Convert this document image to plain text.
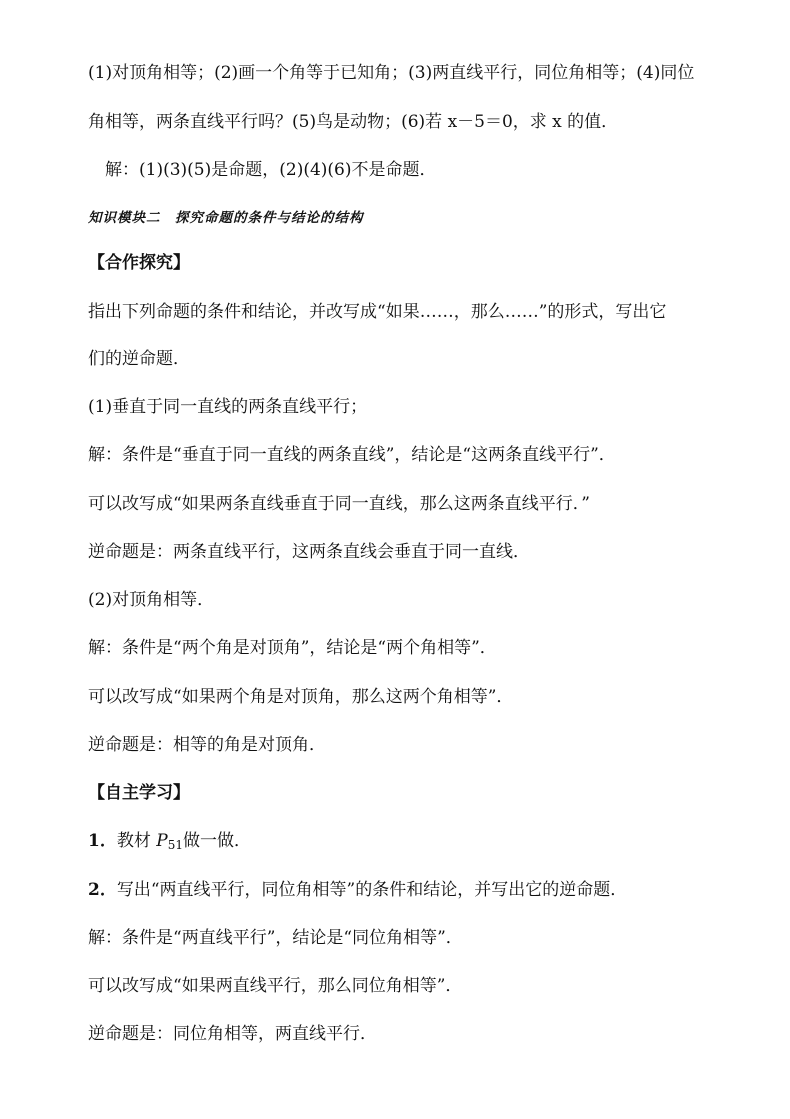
(1)对顶角相等；(2)画一个角等于已知角；(3)两直线平行，同位角相等；(4)同位
角相等，两条直线平行吗？(5)鸟是动物；(6)若 x－5＝0，求 x 的值．
解：(1)(3)(5)是命题，(2)(4)(6)不是命题．
知识模块二　探究命题的条件与结论的结构
【合作探究】
指出下列命题的条件和结论，并改写成“如果……，那么……”的形式，写出它
们的逆命题．
(1)垂直于同一直线的两条直线平行；
解：条件是“垂直于同一直线的两条直线”，结论是“这两条直线平行”．
可以改写成“如果两条直线垂直于同一直线，那么这两条直线平行．”
逆命题是：两条直线平行，这两条直线会垂直于同一直线．
(2)对顶角相等．
解：条件是“两个角是对顶角”，结论是“两个角相等”．
可以改写成“如果两个角是对顶角，那么这两个角相等”．
逆命题是：相等的角是对顶角．
【自主学习】
1．教材 $P_{51}$做一做．
2．写出“两直线平行，同位角相等”的条件和结论，并写出它的逆命题．
解：条件是“两直线平行”，结论是“同位角相等”．
可以改写成“如果两直线平行，那么同位角相等”．
逆命题是：同位角相等，两直线平行．
